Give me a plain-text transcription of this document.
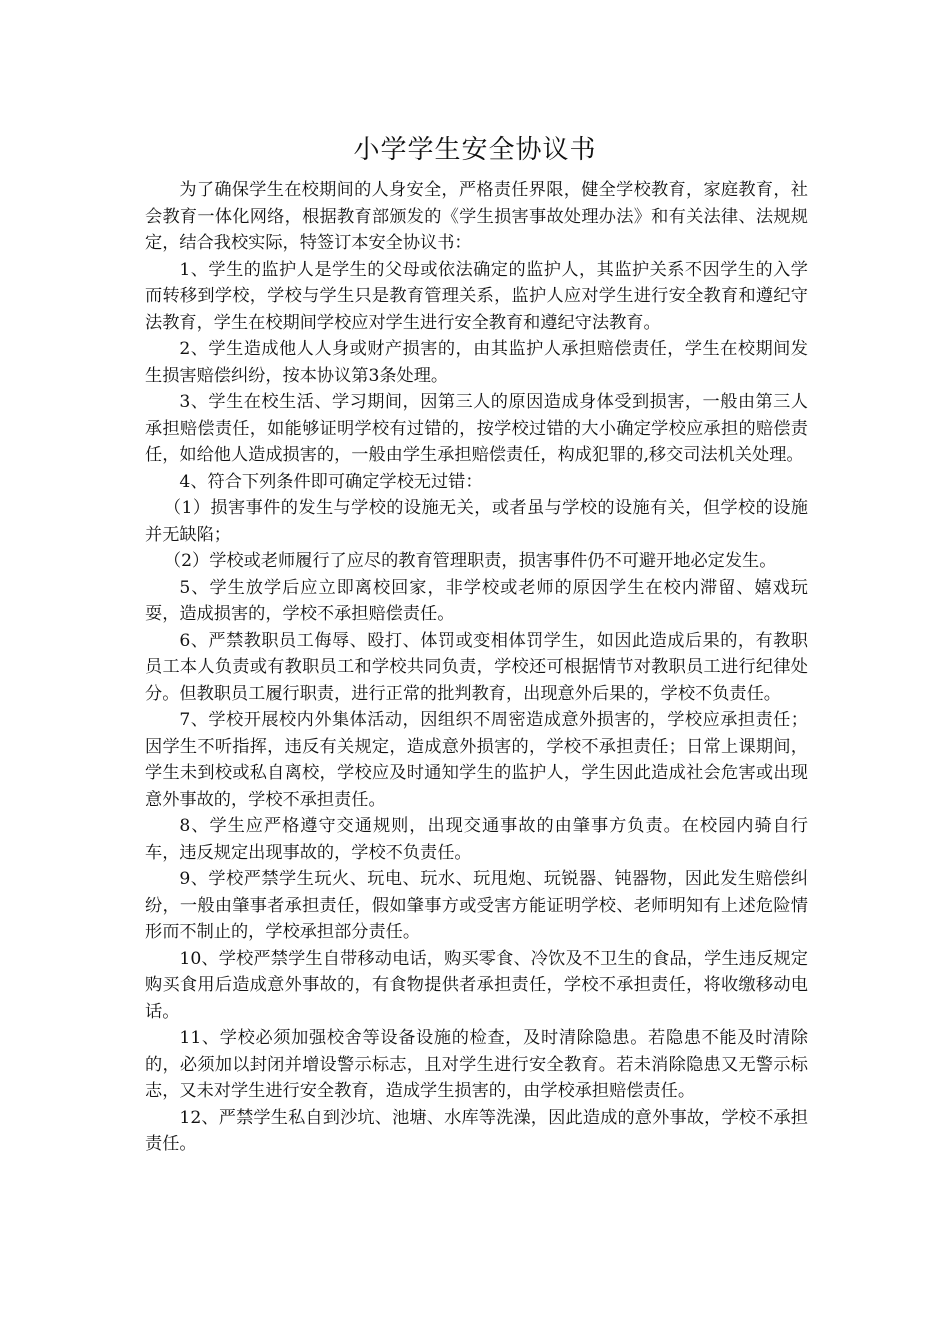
小学学生安全协议书

为了确保学生在校期间的人身安全，严格责任界限，健全学校教育，家庭教育，社会教育一体化网络，根据教育部颁发的《学生损害事故处理办法》和有关法律、法规规定，结合我校实际，特签订本安全协议书：

1、学生的监护人是学生的父母或依法确定的监护人，其监护关系不因学生的入学而转移到学校，学校与学生只是教育管理关系，监护人应对学生进行安全教育和遵纪守法教育，学生在校期间学校应对学生进行安全教育和遵纪守法教育。

2、学生造成他人人身或财产损害的，由其监护人承担赔偿责任，学生在校期间发生损害赔偿纠纷，按本协议第3条处理。

3、学生在校生活、学习期间，因第三人的原因造成身体受到损害，一般由第三人承担赔偿责任，如能够证明学校有过错的，按学校过错的大小确定学校应承担的赔偿责任，如给他人造成损害的，一般由学生承担赔偿责任，构成犯罪的,移交司法机关处理。

4、符合下列条件即可确定学校无过错：

（1）损害事件的发生与学校的设施无关，或者虽与学校的设施有关，但学校的设施并无缺陷；

（2）学校或老师履行了应尽的教育管理职责，损害事件仍不可避开地必定发生。

5、学生放学后应立即离校回家，非学校或老师的原因学生在校内滞留、嬉戏玩耍，造成损害的，学校不承担赔偿责任。

6、严禁教职员工侮辱、殴打、体罚或变相体罚学生，如因此造成后果的，有教职员工本人负责或有教职员工和学校共同负责，学校还可根据情节对教职员工进行纪律处分。但教职员工履行职责，进行正常的批判教育，出现意外后果的，学校不负责任。

7、学校开展校内外集体活动，因组织不周密造成意外损害的，学校应承担责任；因学生不听指挥，违反有关规定，造成意外损害的，学校不承担责任；日常上课期间，学生未到校或私自离校，学校应及时通知学生的监护人，学生因此造成社会危害或出现意外事故的，学校不承担责任。

8、学生应严格遵守交通规则，出现交通事故的由肇事方负责。在校园内骑自行车，违反规定出现事故的，学校不负责任。

9、学校严禁学生玩火、玩电、玩水、玩甩炮、玩锐器、钝器物，因此发生赔偿纠纷，一般由肇事者承担责任，假如肇事方或受害方能证明学校、老师明知有上述危险情形而不制止的，学校承担部分责任。

10、学校严禁学生自带移动电话，购买零食、冷饮及不卫生的食品，学生违反规定购买食用后造成意外事故的，有食物提供者承担责任，学校不承担责任，将收缴移动电话。

11、学校必须加强校舍等设备设施的检查，及时清除隐患。若隐患不能及时清除的，必须加以封闭并增设警示标志，且对学生进行安全教育。若未消除隐患又无警示标志，又未对学生进行安全教育，造成学生损害的，由学校承担赔偿责任。

12、严禁学生私自到沙坑、池塘、水库等洗澡，因此造成的意外事故，学校不承担责任。
